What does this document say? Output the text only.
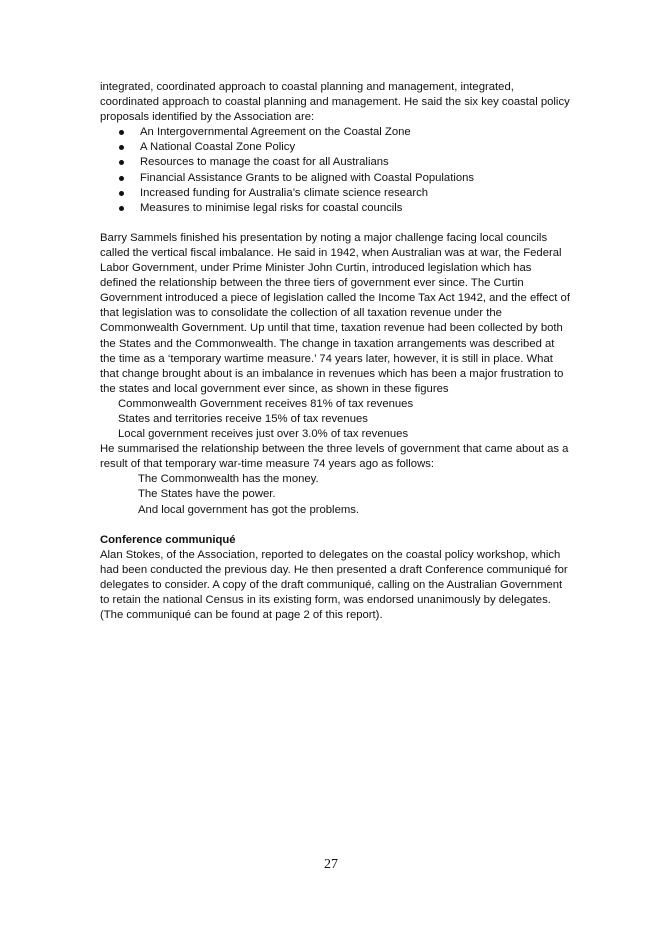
integrated, coordinated approach to coastal planning and management, integrated, coordinated approach to coastal planning and management. He said the six key coastal policy proposals identified by the Association are:

An Intergovernmental Agreement on the Coastal Zone
A National Coastal Zone Policy
Resources to manage the coast for all Australians
Financial Assistance Grants to be aligned with Coastal Populations
Increased funding for Australia’s climate science research
Measures to minimise legal risks for coastal councils

Barry Sammels finished his presentation by noting a major challenge facing local councils called the vertical fiscal imbalance. He said in 1942, when Australian was at war, the Federal Labor Government, under Prime Minister John Curtin, introduced legislation which has defined the relationship between the three tiers of government ever since. The Curtin Government introduced a piece of legislation called the Income Tax Act 1942, and the effect of that legislation was to consolidate the collection of all taxation revenue under the Commonwealth Government. Up until that time, taxation revenue had been collected by both the States and the Commonwealth. The change in taxation arrangements was described at the time as a ‘temporary wartime measure.’ 74 years later, however, it is still in place. What that change brought about is an imbalance in revenues which has been a major frustration to the states and local government ever since, as shown in these figures

Commonwealth Government receives 81% of tax revenues

States and territories receive 15% of tax revenues

Local government receives just over 3.0% of tax revenues

He summarised the relationship between the three levels of government that came about as a result of that temporary war-time measure 74 years ago as follows:

The Commonwealth has the money.

The States have the power.

And local government has got the problems.

Conference communiqué

Alan Stokes, of the Association, reported to delegates on the coastal policy workshop, which had been conducted the previous day. He then presented a draft Conference communiqué for delegates to consider. A copy of the draft communiqué, calling on the Australian Government to retain the national Census in its existing form, was endorsed unanimously by delegates. (The communiqué can be found at page 2 of this report).

27
